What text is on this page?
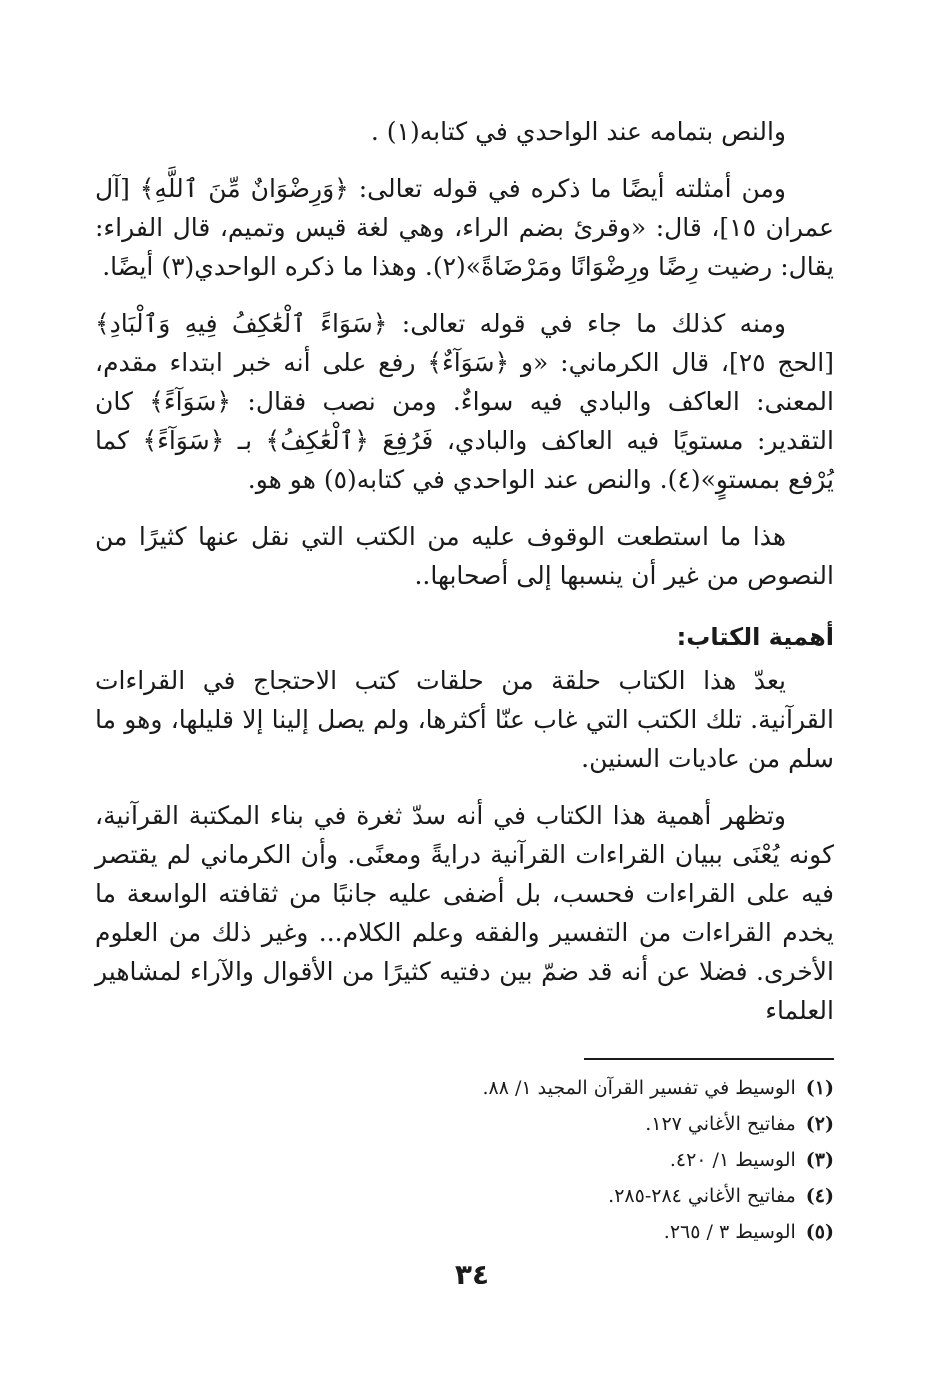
والنص بتمامه عند الواحدي في كتابه(١) .

ومن أمثلته أيضًا ما ذكره في قوله تعالى: ﴿وَرِضْوَانٌ مِّنَ ٱللَّهِ﴾ [آل عمران ١٥]، قال: «وقرئ بضم الراء، وهي لغة قيس وتميم، قال الفراء: يقال: رضيت رِضًا ورِضْوَانًا ومَرْضَاةً»(٢). وهذا ما ذكره الواحدي(٣) أيضًا.

ومنه كذلك ما جاء في قوله تعالى: ﴿سَوَاءً ٱلْعَٰكِفُ فِيهِ وَٱلْبَادِ﴾ [الحج ٢٥]، قال الكرماني: «و ﴿سَوَآءٌ﴾ رفع على أنه خبر ابتداء مقدم، المعنى: العاكف والبادي فيه سواءٌ. ومن نصب فقال: ﴿سَوَآءً﴾ كان التقدير: مستويًا فيه العاكف والبادي، فَرُفِعَ ﴿ٱلْعَٰكِفُ﴾ بـ ﴿سَوَآءً﴾ كما يُرْفع بمستوٍ»(٤). والنص عند الواحدي في كتابه(٥) هو هو.

هذا ما استطعت الوقوف عليه من الكتب التي نقل عنها كثيرًا من النصوص من غير أن ينسبها إلى أصحابها..

أهمية الكتاب:

يعدّ هذا الكتاب حلقة من حلقات كتب الاحتجاج في القراءات القرآنية. تلك الكتب التي غاب عنّا أكثرها، ولم يصل إلينا إلا قليلها، وهو ما سلم من عاديات السنين.

وتظهر أهمية هذا الكتاب في أنه سدّ ثغرة في بناء المكتبة القرآنية، كونه يُعْنَى ببيان القراءات القرآنية درايةً ومعنًى. وأن الكرماني لم يقتصر فيه على القراءات فحسب، بل أضفى عليه جانبًا من ثقافته الواسعة ما يخدم القراءات من التفسير والفقه وعلم الكلام... وغير ذلك من العلوم الأخرى. فضلا عن أنه قد ضمّ بين دفتيه كثيرًا من الأقوال والآراء لمشاهير العلماء

(١)الوسيط في تفسير القرآن المجيد ١/ ٨٨.
(٢)مفاتيح الأغاني ١٢٧.
(٣)الوسيط ١/ ٤٢٠.
(٤)مفاتيح الأغاني ٢٨٤-٢٨٥.
(٥)الوسيط ٣ / ٢٦٥.
٣٤
